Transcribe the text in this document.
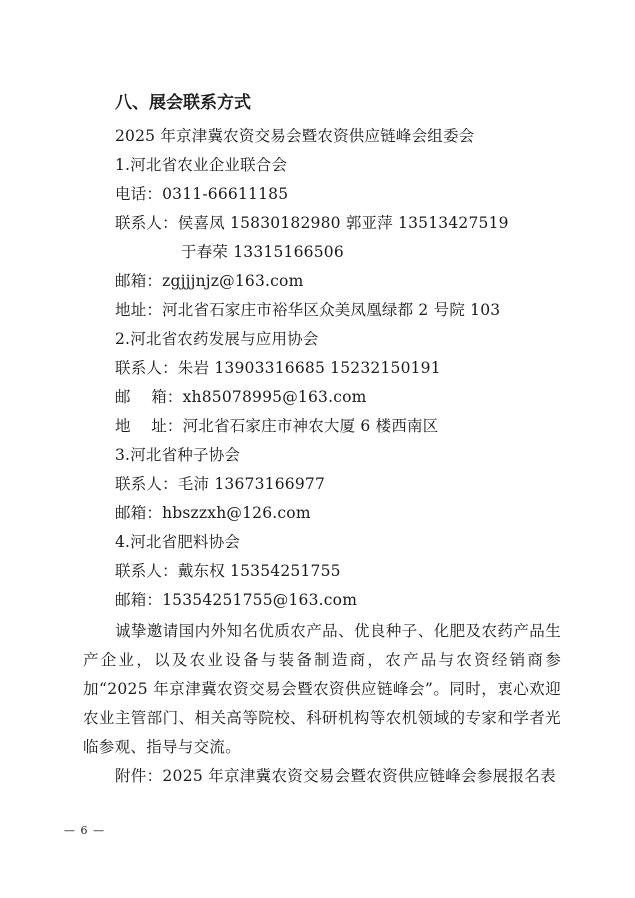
八、展会联系方式
2025 年京津冀农资交易会暨农资供应链峰会组委会
1.河北省农业企业联合会
电话：0311-66611185
联系人：侯喜凤 15830182980 郭亚萍 13513427519
于春荣 13315166506
邮箱：zgjjjnjz@163.com
地址：河北省石家庄市裕华区众美凤凰绿都 2 号院 103
2.河北省农药发展与应用协会
联系人：朱岩 13903316685 15232150191
邮    箱：xh85078995@163.com
地    址：河北省石家庄市神农大厦 6 楼西南区
3.河北省种子协会
联系人：毛沛 13673166977
邮箱：hbszzxh@126.com
4.河北省肥料协会
联系人：戴东权 15354251755
邮箱：15354251755@163.com
诚挚邀请国内外知名优质农产品、优良种子、化肥及农药产品生产企业，以及农业设备与装备制造商，农产品与农资经销商参加“2025 年京津冀农资交易会暨农资供应链峰会”。同时，衷心欢迎农业主管部门、相关高等院校、科研机构等农机领域的专家和学者光临参观、指导与交流。
附件：2025 年京津冀农资交易会暨农资供应链峰会参展报名表
— 6 —
